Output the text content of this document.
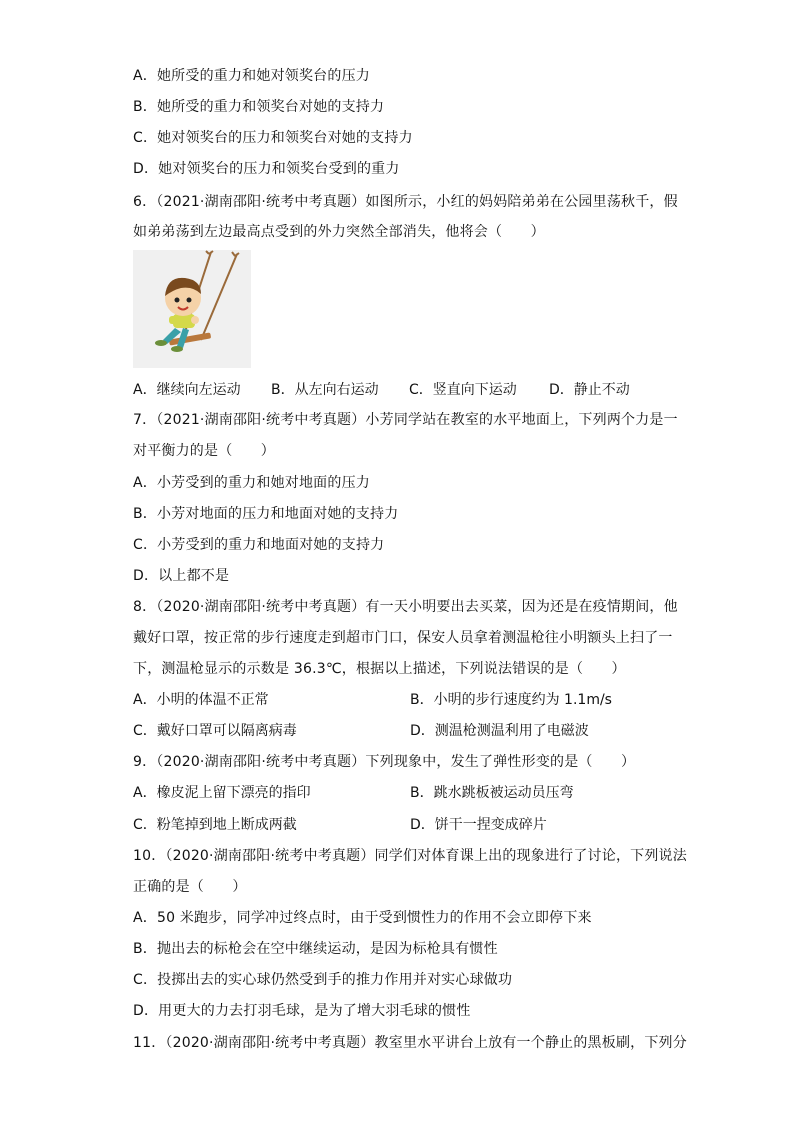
A．她所受的重力和她对领奖台的压力
B．她所受的重力和领奖台对她的支持力
C．她对领奖台的压力和领奖台对她的支持力
D．她对领奖台的压力和领奖台受到的重力
6．（2021·湖南邵阳·统考中考真题）如图所示，小红的妈妈陪弟弟在公园里荡秋千，假
如弟弟荡到左边最高点受到的外力突然全部消失，他将会（　　）
A．继续向左运动 B．从左向右运动 C．竖直向下运动 D．静止不动
7．（2021·湖南邵阳·统考中考真题）小芳同学站在教室的水平地面上，下列两个力是一
对平衡力的是（　　）
A．小芳受到的重力和她对地面的压力
B．小芳对地面的压力和地面对她的支持力
C．小芳受到的重力和地面对她的支持力
D．以上都不是
8．（2020·湖南邵阳·统考中考真题）有一天小明要出去买菜，因为还是在疫情期间，他
戴好口罩，按正常的步行速度走到超市门口，保安人员拿着测温枪往小明额头上扫了一
下，测温枪显示的示数是 36.3℃，根据以上描述，下列说法错误的是（　　）
A．小明的体温不正常	B．小明的步行速度约为 1.1m/s
C．戴好口罩可以隔离病毒	D．测温枪测温利用了电磁波
9．（2020·湖南邵阳·统考中考真题）下列现象中，发生了弹性形变的是（　　）
A．橡皮泥上留下漂亮的指印	B．跳水跳板被运动员压弯
C．粉笔掉到地上断成两截	D．饼干一捏变成碎片
10．（2020·湖南邵阳·统考中考真题）同学们对体育课上出的现象进行了讨论，下列说法
正确的是（　　）
A．50 米跑步，同学冲过终点时，由于受到惯性力的作用不会立即停下来
B．抛出去的标枪会在空中继续运动，是因为标枪具有惯性
C．投掷出去的实心球仍然受到手的推力作用并对实心球做功
D．用更大的力去打羽毛球，是为了增大羽毛球的惯性
11．（2020·湖南邵阳·统考中考真题）教室里水平讲台上放有一个静止的黑板刷，下列分
